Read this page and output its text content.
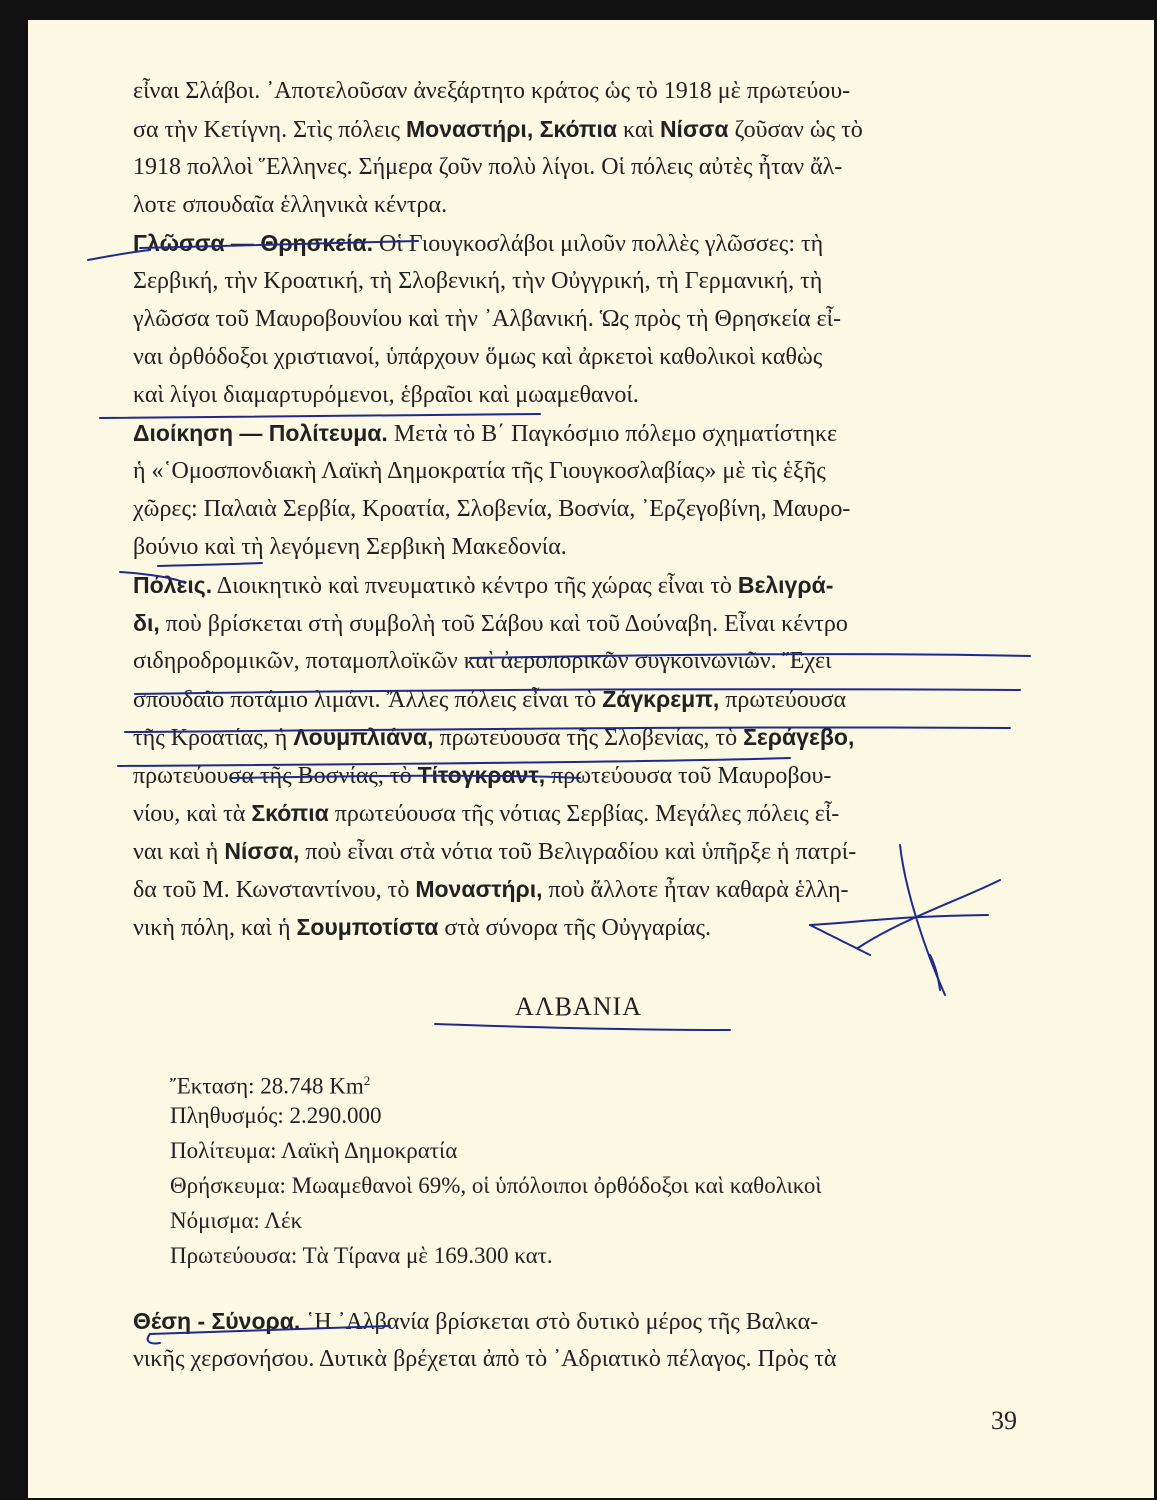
εἶναι Σλάβοι. ᾿Αποτελοῦσαν ἀνεξάρτητο κράτος ὡς τὸ 1918 μὲ πρωτεύου-
σα τὴν Κετίγνη. Στὶς πόλεις Μοναστήρι, Σκόπια καὶ Νίσσα ζοῦσαν ὡς τὸ
1918 πολλοὶ Ἕλληνες. Σήμερα ζοῦν πολὺ λίγοι. Οἱ πόλεις αὐτὲς ἦταν ἄλ-
λοτε σπουδαῖα ἑλληνικὰ κέντρα.
Γλῶσσα — Θρησκεία. Οἱ Γιουγκοσλάβοι μιλοῦν πολλὲς γλῶσσες: τὴ
Σερβική, τὴν Κροατική, τὴ Σλοβενική, τὴν Οὐγγρική, τὴ Γερμανική, τὴ
γλῶσσα τοῦ Μαυροβουνίου καὶ τὴν ᾿Αλβανική. Ὡς πρὸς τὴ Θρησκεία εἶ-
ναι ὀρθόδοξοι χριστιανοί, ὑπάρχουν ὅμως καὶ ἀρκετοὶ καθολικοὶ καθὼς
καὶ λίγοι διαμαρτυρόμενοι, ἑβραῖοι καὶ μωαμεθανοί.
Διοίκηση — Πολίτευμα. Μετὰ τὸ Β΄ Παγκόσμιο πόλεμο σχηματίστηκε
ἡ «῾Ομοσπονδιακὴ Λαϊκὴ Δημοκρατία τῆς Γιουγκοσλαβίας» μὲ τὶς ἑξῆς
χῶρες: Παλαιὰ Σερβία, Κροατία, Σλοβενία, Βοσνία, ᾿Ερζεγοβίνη, Μαυρο-
βούνιο καὶ τὴ λεγόμενη Σερβικὴ Μακεδονία.
Πόλεις. Διοικητικὸ καὶ πνευματικὸ κέντρο τῆς χώρας εἶναι τὸ Βελιγρά-
δι, ποὺ βρίσκεται στὴ συμβολὴ τοῦ Σάβου καὶ τοῦ Δούναβη. Εἶναι κέντρο
σιδηροδρομικῶν, ποταμοπλοϊκῶν καὶ ἀεροπορικῶν συγκοινωνιῶν. Ἔχει
σπουδαῖο ποτάμιο λιμάνι. Ἄλλες πόλεις εἶναι τὸ Ζάγκρεμπ, πρωτεύουσα
τῆς Κροατίας, ἡ Λουμπλιάνα, πρωτεύουσα τῆς Σλοβενίας, τὸ Σεράγεβο,
πρωτεύουσα τῆς Βοσνίας, τὸ Τίτογκραντ, πρωτεύουσα τοῦ Μαυροβου-
νίου, καὶ τὰ Σκόπια πρωτεύουσα τῆς νότιας Σερβίας. Μεγάλες πόλεις εἶ-
ναι καὶ ἡ Νίσσα, ποὺ εἶναι στὰ νότια τοῦ Βελιγραδίου καὶ ὑπῆρξε ἡ πατρί-
δα τοῦ Μ. Κωνσταντίνου, τὸ Μοναστήρι, ποὺ ἄλλοτε ἦταν καθαρὰ ἑλλη-
νικὴ πόλη, καὶ ἡ Σουμποτίστα στὰ σύνορα τῆς Οὐγγαρίας.
ΑΛΒΑΝΙΑ
Ἔκταση: 28.748 Km$^2$
Πληθυσμός: 2.290.000
Πολίτευμα: Λαϊκὴ Δημοκρατία
Θρήσκευμα: Μωαμεθανοὶ 69%, οἱ ὑπόλοιποι ὀρθόδοξοι καὶ καθολικοὶ
Νόμισμα: Λέκ
Πρωτεύουσα: Τὰ Τίρανα μὲ 169.300 κατ.
Θέση - Σύνορα. ῾Η ᾿Αλβανία βρίσκεται στὸ δυτικὸ μέρος τῆς Βαλκα-
νικῆς χερσονήσου. Δυτικὰ βρέχεται ἀπὸ τὸ ᾿Αδριατικὸ πέλαγος. Πρὸς τὰ
39
